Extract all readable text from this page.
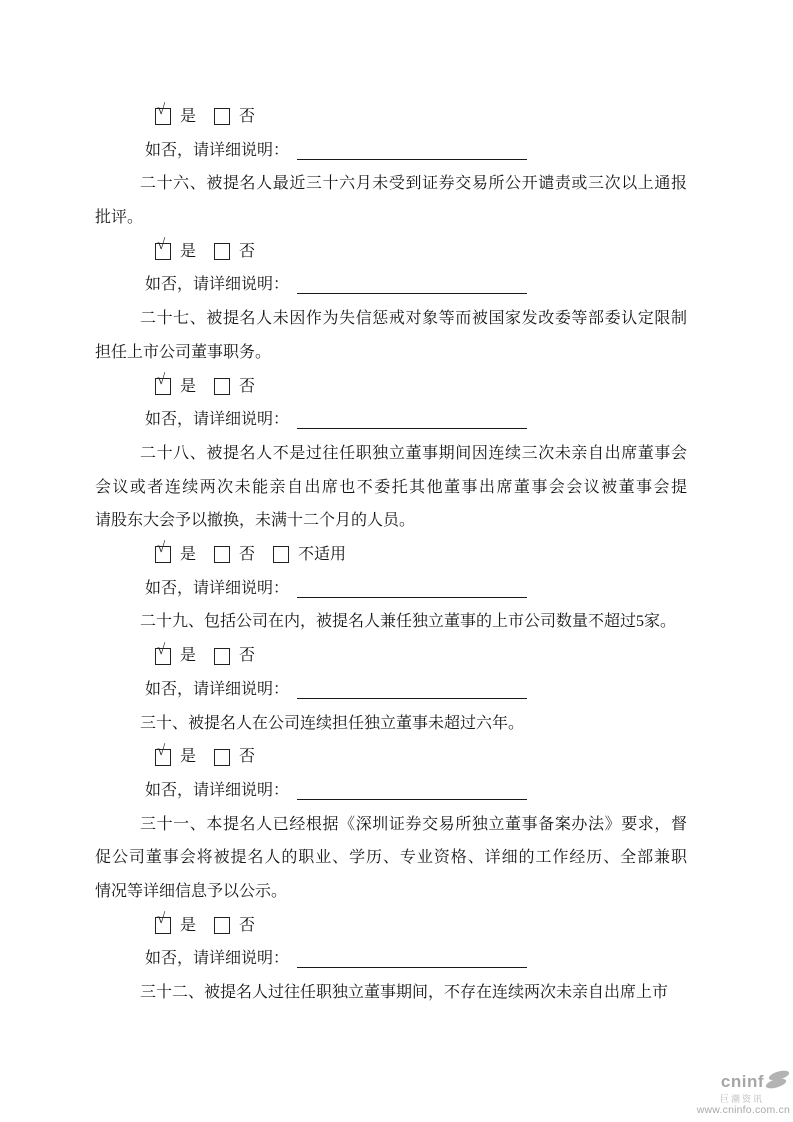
√ 是	否
如否，请详细说明：
二十六、被提名人最近三十六月未受到证券交易所公开谴责或三次以上通报
批评。
√ 是	否
如否，请详细说明：
二十七、被提名人未因作为失信惩戒对象等而被国家发改委等部委认定限制
担任上市公司董事职务。
√ 是	否
如否，请详细说明：
二十八、被提名人不是过往任职独立董事期间因连续三次未亲自出席董事会
会议或者连续两次未能亲自出席也不委托其他董事出席董事会会议被董事会提
请股东大会予以撤换，未满十二个月的人员。
√ 是	否	不适用
如否，请详细说明：
二十九、包括公司在内，被提名人兼任独立董事的上市公司数量不超过5家。
√ 是	否
如否，请详细说明：
三十、被提名人在公司连续担任独立董事未超过六年。
√ 是	否
如否，请详细说明：
三十一、本提名人已经根据《深圳证券交易所独立董事备案办法》要求，督
促公司董事会将被提名人的职业、学历、专业资格、详细的工作经历、全部兼职
情况等详细信息予以公示。
√ 是	否
如否，请详细说明：
三十二、被提名人过往任职独立董事期间，不存在连续两次未亲自出席上市
cninf
巨潮资讯
www.cninfo.com.cn
